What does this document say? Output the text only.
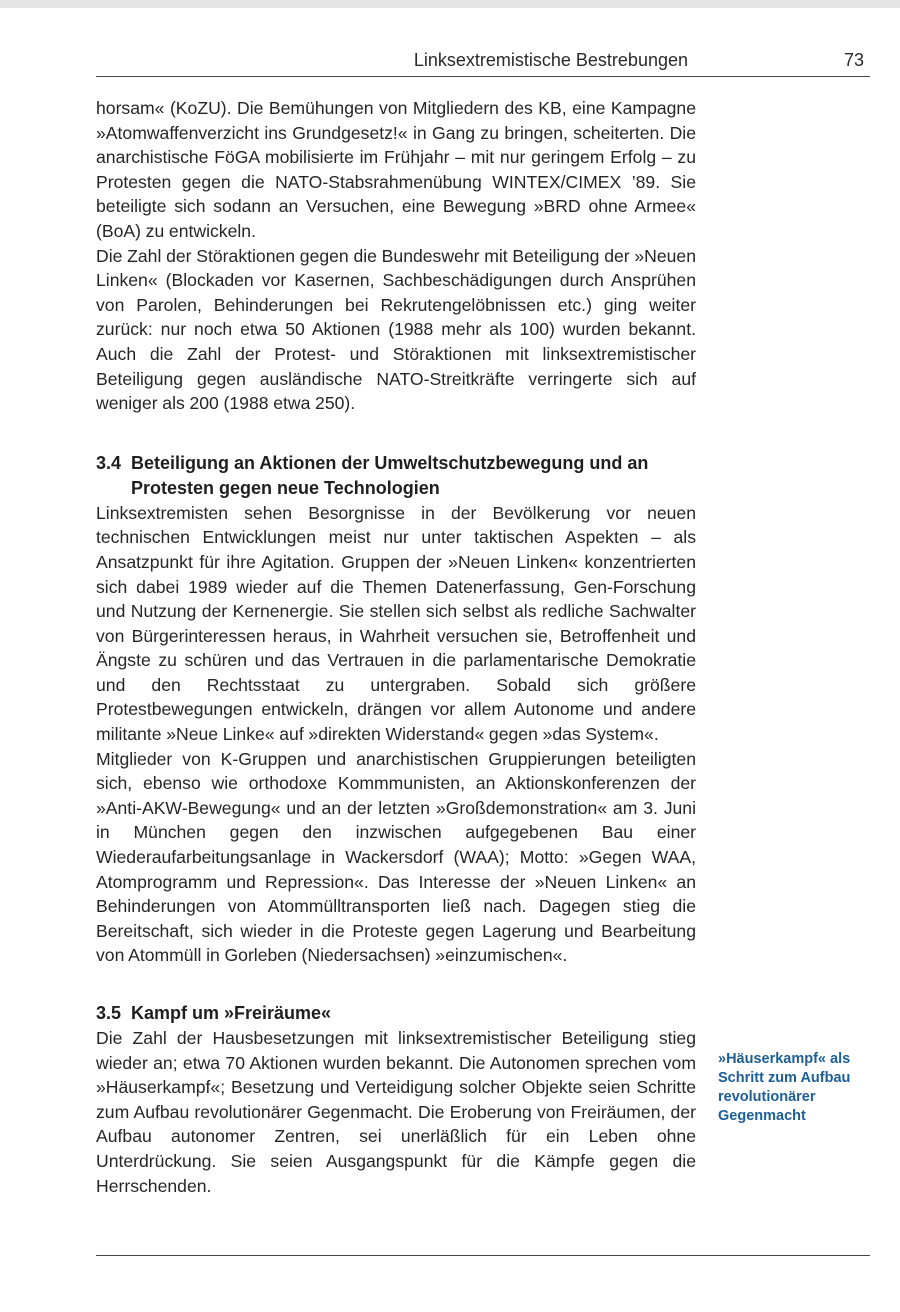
Linksextremistische Bestrebungen	73

horsam« (KoZU). Die Bemühungen von Mitgliedern des KB, eine Kampagne »Atomwaffenverzicht ins Grundgesetz!« in Gang zu bringen, scheiterten. Die anarchistische FöGA mobilisierte im Frühjahr – mit nur geringem Erfolg – zu Protesten gegen die NATO-Stabsrahmenübung WINTEX/CIMEX ’89. Sie beteiligte sich sodann an Versuchen, eine Bewegung »BRD ohne Armee« (BoA) zu entwickeln.

Die Zahl der Störaktionen gegen die Bundeswehr mit Beteiligung der »Neuen Linken« (Blockaden vor Kasernen, Sachbeschädigungen durch Ansprühen von Parolen, Behinderungen bei Rekrutengelöbnissen etc.) ging weiter zurück: nur noch etwa 50 Aktionen (1988 mehr als 100) wurden bekannt. Auch die Zahl der Protest- und Störaktionen mit linksextremistischer Beteiligung gegen ausländische NATO-Streitkräfte verringerte sich auf weniger als 200 (1988 etwa 250).

3.4 Beteiligung an Aktionen der Umweltschutzbewegung und an Protesten gegen neue Technologien

Linksextremisten sehen Besorgnisse in der Bevölkerung vor neuen technischen Entwicklungen meist nur unter taktischen Aspekten – als Ansatzpunkt für ihre Agitation. Gruppen der »Neuen Linken« konzentrierten sich dabei 1989 wieder auf die Themen Datenerfassung, Gen-Forschung und Nutzung der Kernenergie. Sie stellen sich selbst als redliche Sachwalter von Bürgerinteressen heraus, in Wahrheit versuchen sie, Betroffenheit und Ängste zu schüren und das Vertrauen in die parlamentarische Demokratie und den Rechtsstaat zu untergraben. Sobald sich größere Protestbewegungen entwickeln, drängen vor allem Autonome und andere militante »Neue Linke« auf »direkten Widerstand« gegen »das System«.

Mitglieder von K-Gruppen und anarchistischen Gruppierungen beteiligten sich, ebenso wie orthodoxe Kommmunisten, an Aktionskonferenzen der »Anti-AKW-Bewegung« und an der letzten »Großdemonstration« am 3. Juni in München gegen den inzwischen aufgegebenen Bau einer Wiederaufarbeitungsanlage in Wackersdorf (WAA); Motto: »Gegen WAA, Atomprogramm und Repression«. Das Interesse der »Neuen Linken« an Behinderungen von Atommülltransporten ließ nach. Dagegen stieg die Bereitschaft, sich wieder in die Proteste gegen Lagerung und Bearbeitung von Atommüll in Gorleben (Niedersachsen) »einzumischen«.

3.5 Kampf um »Freiräume«

Die Zahl der Hausbesetzungen mit linksextremistischer Beteiligung stieg wieder an; etwa 70 Aktionen wurden bekannt. Die Autonomen sprechen vom »Häuserkampf«; Besetzung und Verteidigung solcher Objekte seien Schritte zum Aufbau revolutionärer Gegenmacht. Die Eroberung von Freiräumen, der Aufbau autonomer Zentren, sei unerläßlich für ein Leben ohne Unterdrückung. Sie seien Ausgangspunkt für die Kämpfe gegen die Herrschenden.

»Häuserkampf« als Schritt zum Aufbau revolutionärer Gegenmacht
